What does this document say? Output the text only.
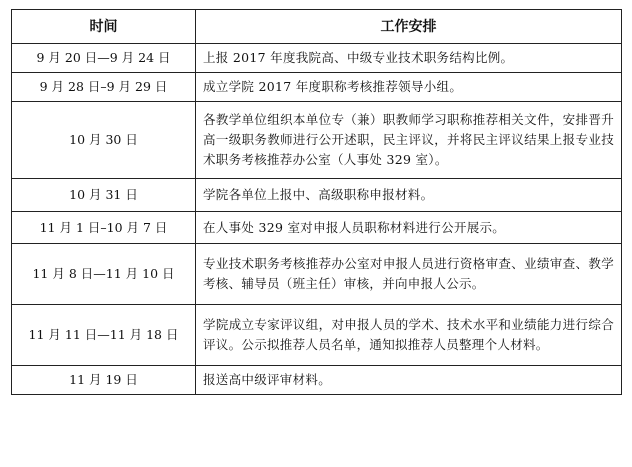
时间	工作安排
9 月 20 日—9 月 24 日	上报 2017 年度我院高、中级专业技术职务结构比例。
9 月 28 日–9 月 29 日	成立学院 2017 年度职称考核推荐领导小组。
10 月 30 日	各教学单位组织本单位专（兼）职教师学习职称推荐相关文件，安排晋升高一级职务教师进行公开述职，民主评议，并将民主评议结果上报专业技术职务考核推荐办公室（人事处 329 室）。
10 月 31 日	学院各单位上报中、高级职称申报材料。
11 月 1 日–10 月 7 日	在人事处 329 室对申报人员职称材料进行公开展示。
11 月 8 日—11 月 10 日	专业技术职务考核推荐办公室对申报人员进行资格审查、业绩审查、教学考核、辅导员（班主任）审核，并向申报人公示。
11 月 11 日—11 月 18 日	学院成立专家评议组，对申报人员的学术、技术水平和业绩能力进行综合评议。公示拟推荐人员名单，通知拟推荐人员整理个人材料。
11 月 19 日	报送高中级评审材料。
